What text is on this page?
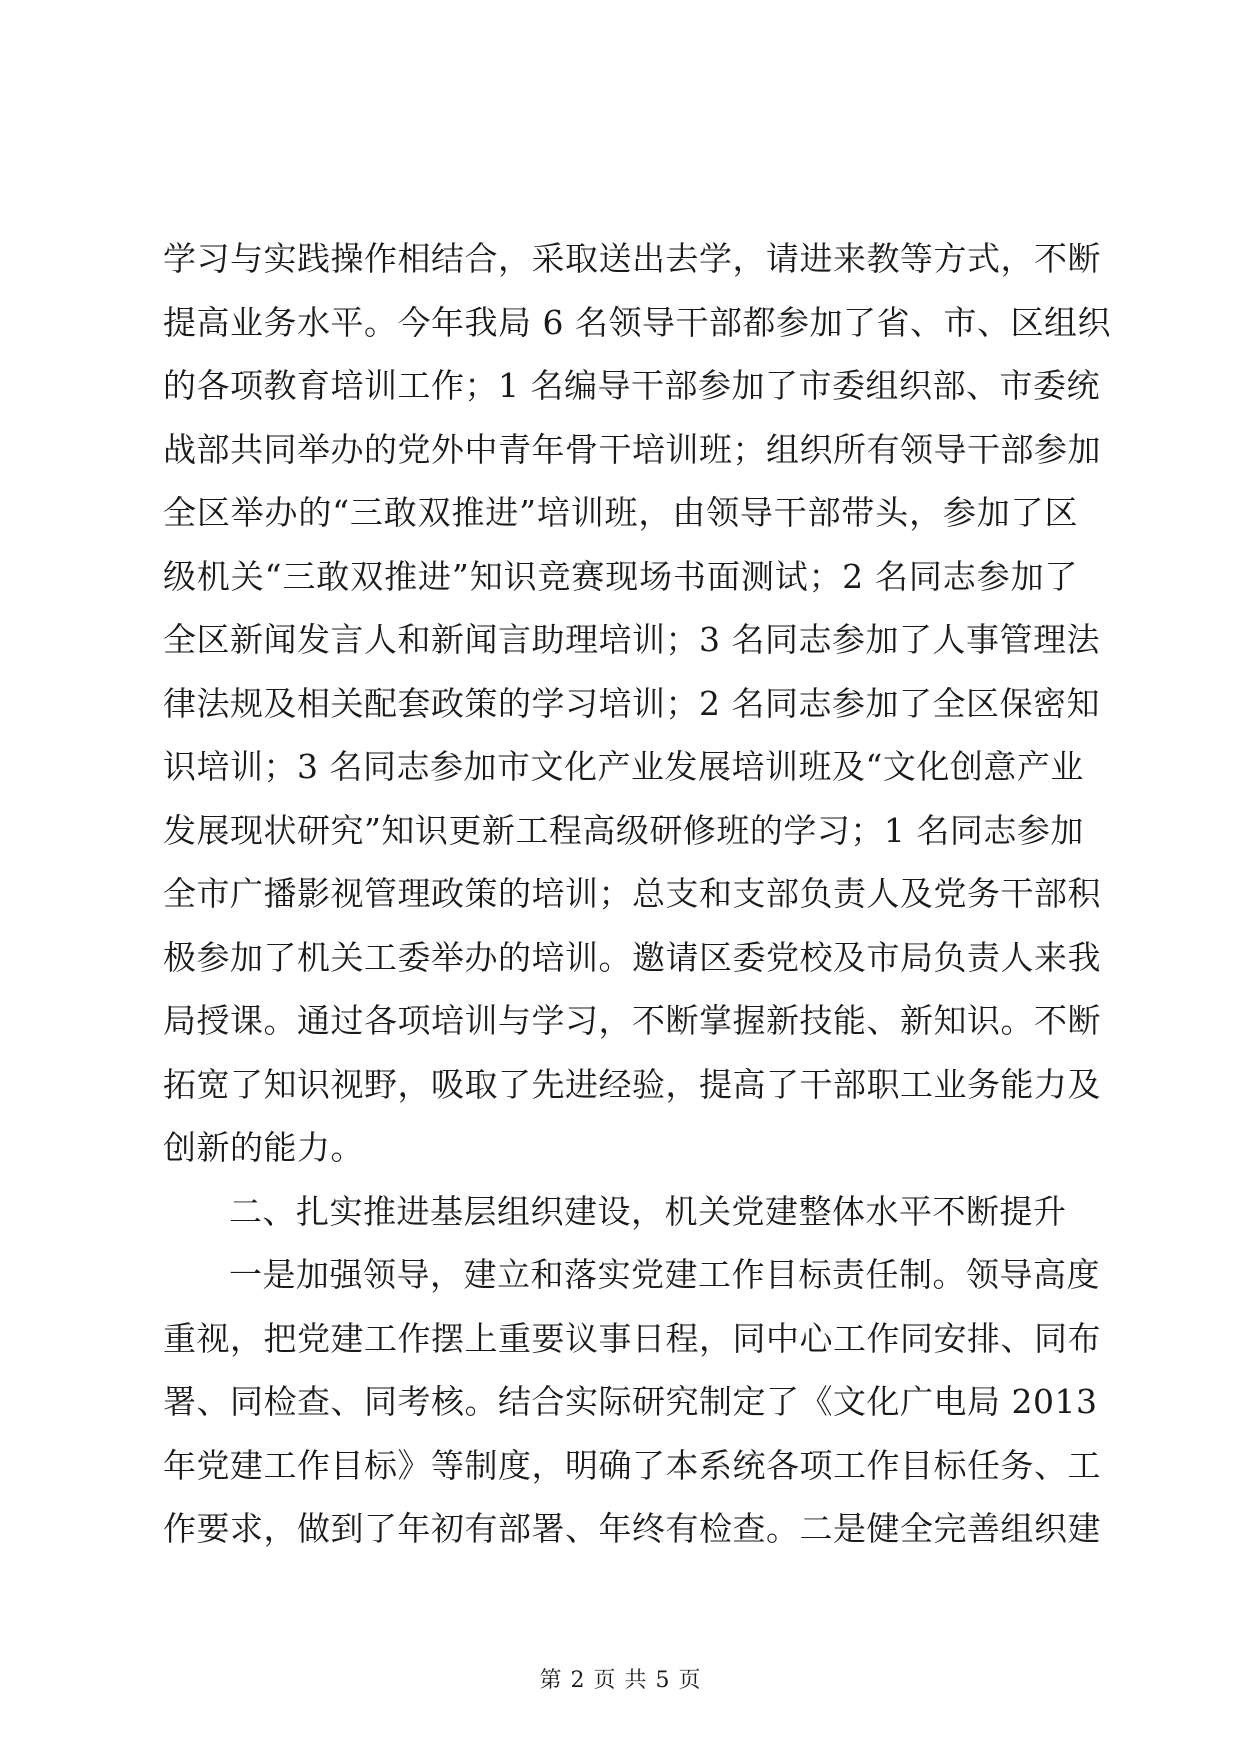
学习与实践操作相结合，采取送出去学，请进来教等方式，不断
提高业务水平。今年我局 6 名领导干部都参加了省、市、区组织
的各项教育培训工作；1 名编导干部参加了市委组织部、市委统
战部共同举办的党外中青年骨干培训班；组织所有领导干部参加
全区举办的“三敢双推进”培训班，由领导干部带头，参加了区
级机关“三敢双推进”知识竞赛现场书面测试；2 名同志参加了
全区新闻发言人和新闻言助理培训；3 名同志参加了人事管理法
律法规及相关配套政策的学习培训；2 名同志参加了全区保密知
识培训；3 名同志参加市文化产业发展培训班及“文化创意产业
发展现状研究”知识更新工程高级研修班的学习；1 名同志参加
全市广播影视管理政策的培训；总支和支部负责人及党务干部积
极参加了机关工委举办的培训。邀请区委党校及市局负责人来我
局授课。通过各项培训与学习，不断掌握新技能、新知识。不断
拓宽了知识视野，吸取了先进经验，提高了干部职工业务能力及
创新的能力。
二、扎实推进基层组织建设，机关党建整体水平不断提升
一是加强领导，建立和落实党建工作目标责任制。领导高度
重视，把党建工作摆上重要议事日程，同中心工作同安排、同布
署、同检查、同考核。结合实际研究制定了《文化广电局 2013
年党建工作目标》等制度，明确了本系统各项工作目标任务、工
作要求，做到了年初有部署、年终有检查。二是健全完善组织建
第 2 页 共 5 页
